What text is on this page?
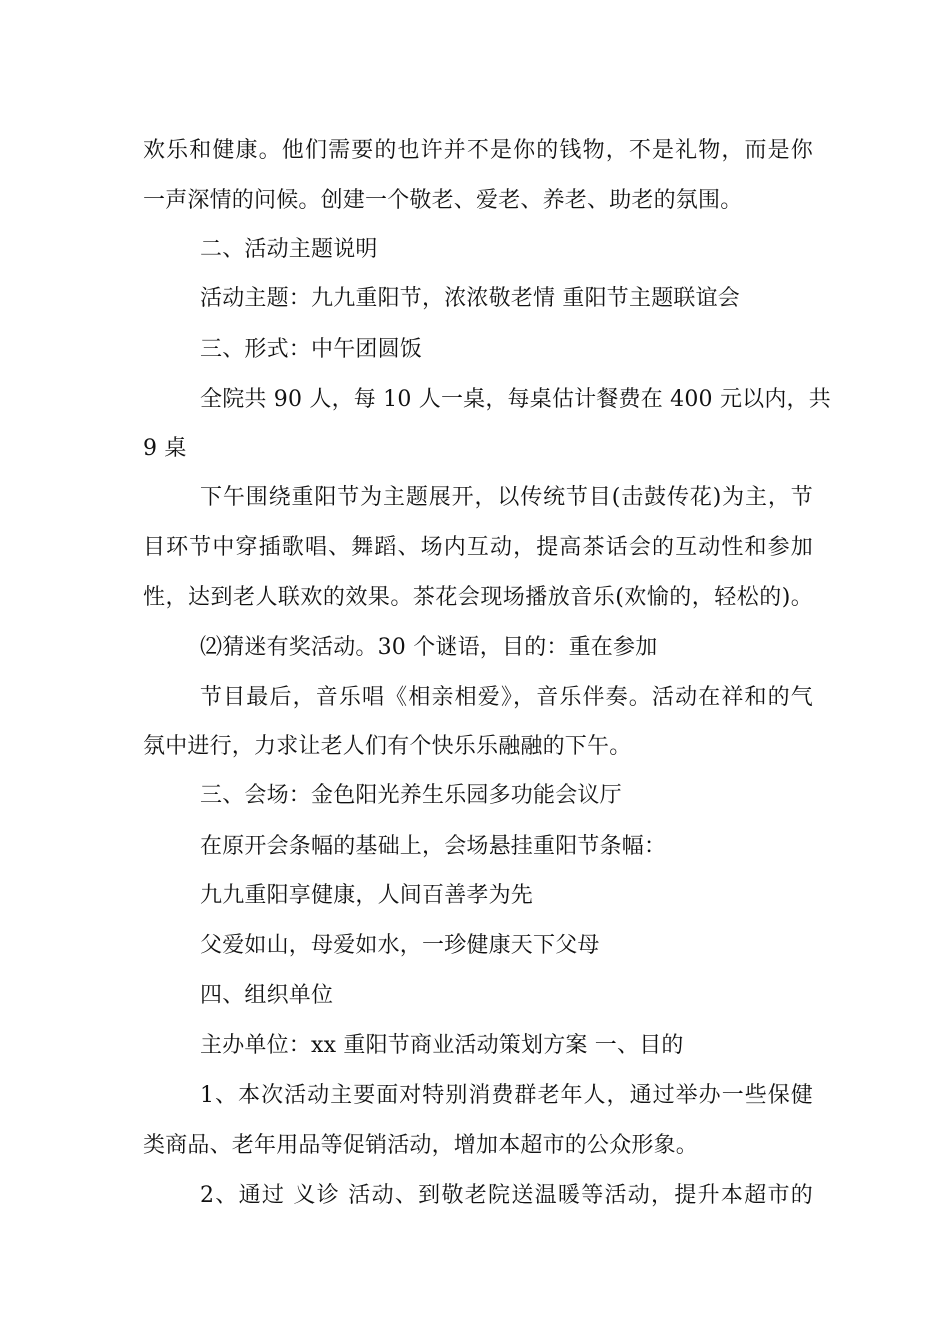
欢乐和健康。他们需要的也许并不是你的钱物，不是礼物，而是你
一声深情的问候。创建一个敬老、爱老、养老、助老的氛围。
二、活动主题说明
活动主题：九九重阳节，浓浓敬老情 重阳节主题联谊会
三、形式：中午团圆饭
全院共 90 人，每 10 人一桌，每桌估计餐费在 400 元以内，共
9 桌
下午围绕重阳节为主题展开，以传统节目(击鼓传花)为主，节
目环节中穿插歌唱、舞蹈、场内互动，提高茶话会的互动性和参加
性，达到老人联欢的效果。茶花会现场播放音乐(欢愉的，轻松的)。
⑵猜迷有奖活动。30 个谜语，目的：重在参加
节目最后，音乐唱《相亲相爱》，音乐伴奏。活动在祥和的气
氛中进行，力求让老人们有个快乐乐融融的下午。
三、会场：金色阳光养生乐园多功能会议厅
在原开会条幅的基础上，会场悬挂重阳节条幅：
九九重阳享健康，人间百善孝为先
父爱如山，母爱如水，一珍健康天下父母
四、组织单位
主办单位：xx 重阳节商业活动策划方案 一、目的
1、本次活动主要面对特别消费群老年人，通过举办一些保健
类商品、老年用品等促销活动，增加本超市的公众形象。
2、通过 义诊 活动、到敬老院送温暖等活动，提升本超市的
